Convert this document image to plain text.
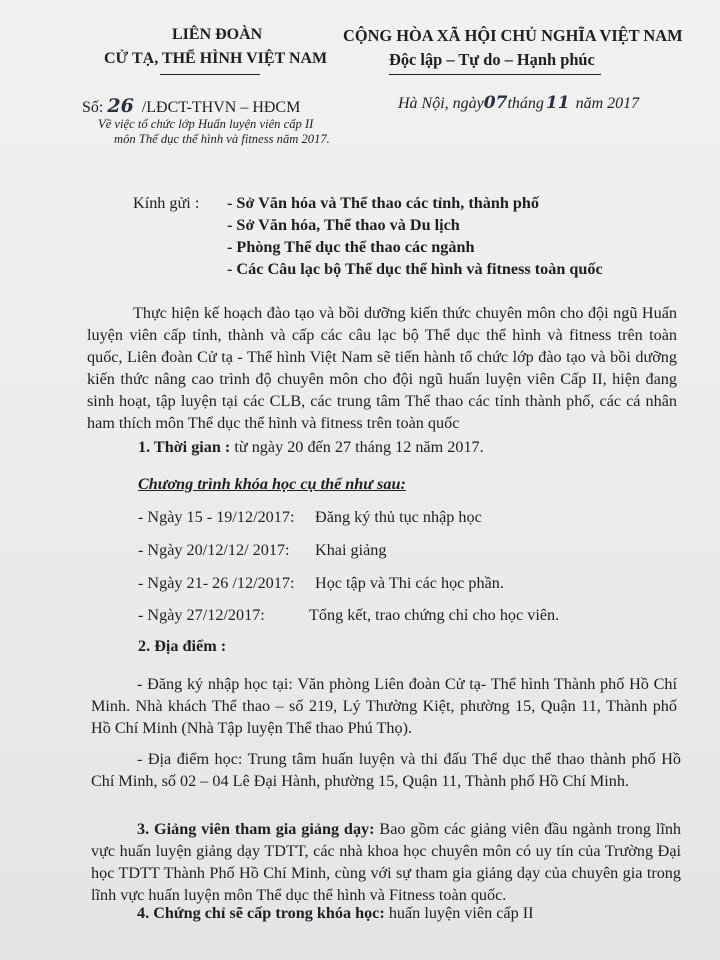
LIÊN ĐOÀN
CỬ TẠ, THỂ HÌNH VIỆT NAM
CỘNG HÒA XÃ HỘI CHỦ NGHĨA VIỆT NAM
Độc lập – Tự do – Hạnh phúc
Số: 26 /LĐCT-THVN – HĐCM
Về việc tổ chức lớp Huấn luyện viên cấp II
môn Thể dục thể hình và fitness năm 2017.
Hà Nội, ngày07tháng 11 năm 2017
Kính gửi : - Sở Văn hóa và Thể thao các tỉnh, thành phố
- Sở Văn hóa, Thể thao và Du lịch
- Phòng Thể dục thể thao các ngành
- Các Câu lạc bộ Thể dục thể hình và fitness toàn quốc
Thực hiện kế hoạch đào tạo và bồi dưỡng kiến thức chuyên môn cho đội ngũ Huấn
luyện viên cấp tỉnh, thành và cấp các câu lạc bộ Thể dục thể hình và fitness trên toàn
quốc, Liên đoàn Cử tạ - Thể hình Việt Nam sẽ tiến hành tổ chức lớp đào tạo và bồi dưỡng
kiến thức nâng cao trình độ chuyên môn cho đội ngũ huấn luyện viên Cấp II, hiện đang
sinh hoạt, tập luyện tại các CLB, các trung tâm Thể thao các tỉnh thành phố, các cá nhân
ham thích môn Thể dục thể hình và fitness trên toàn quốc
1. Thời gian : từ ngày 20 đến 27 tháng 12 năm 2017.
Chương trình khóa học cụ thể như sau:
- Ngày 15 - 19/12/2017: Đăng ký thủ tục nhập học
- Ngày 20/12/12/ 2017: Khai giảng
- Ngày 21- 26 /12/2017: Học tập và Thi các học phần.
- Ngày 27/12/2017:	Tổng kết, trao chứng chỉ cho học viên.
2. Địa điểm :
- Đăng ký nhập học tại: Văn phòng Liên đoàn Cử tạ- Thể hình Thành phố Hồ Chí
Minh. Nhà khách Thể thao – số 219, Lý Thường Kiệt, phường 15, Quận 11, Thành phố
Hồ Chí Minh (Nhà Tập luyện Thể thao Phú Thọ).
- Địa điểm học: Trung tâm huấn luyện và thi đấu Thể dục thể thao thành phố Hồ
Chí Minh, số 02 – 04 Lê Đại Hành, phường 15, Quận 11, Thành phố Hồ Chí Minh.
3. Giảng viên tham gia giảng dạy: Bao gồm các giảng viên đầu ngành trong lĩnh
vực huấn luyện giảng dạy TDTT, các nhà khoa học chuyên môn có uy tín của Trường Đại
học TDTT Thành Phố Hồ Chí Minh, cùng với sự tham gia giảng dạy của chuyên gia trong
lĩnh vực huấn luyện môn Thể dục thể hình và Fitness toàn quốc.
4. Chứng chỉ sẽ cấp trong khóa học: huấn luyện viên cấp II
